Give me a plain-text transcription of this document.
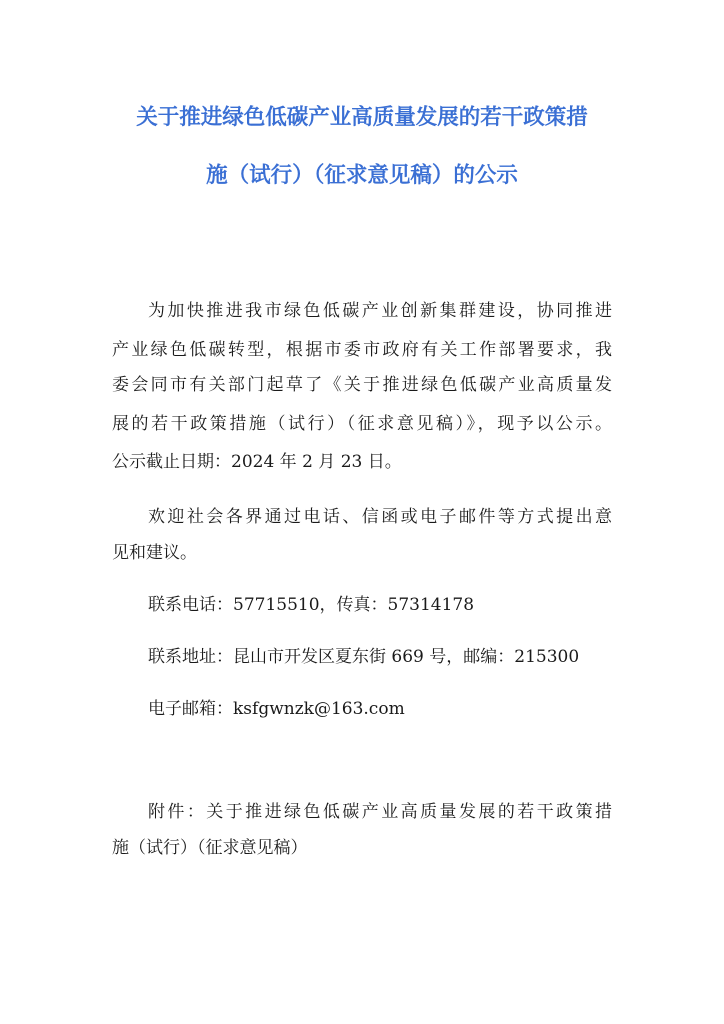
关于推进绿色低碳产业高质量发展的若干政策措
施（试行）（征求意见稿）的公示
为加快推进我市绿色低碳产业创新集群建设，协同推进
产业绿色低碳转型，根据市委市政府有关工作部署要求，我
委会同市有关部门起草了《关于推进绿色低碳产业高质量发
展的若干政策措施（试行）（征求意见稿）》，现予以公示。
公示截止日期：2024 年 2 月 23 日。
欢迎社会各界通过电话、信函或电子邮件等方式提出意
见和建议。
联系电话：57715510，传真：57314178
联系地址：昆山市开发区夏东街 669 号，邮编：215300
电子邮箱：ksfgwnzk@163.com
附件：关于推进绿色低碳产业高质量发展的若干政策措
施（试行）（征求意见稿）
